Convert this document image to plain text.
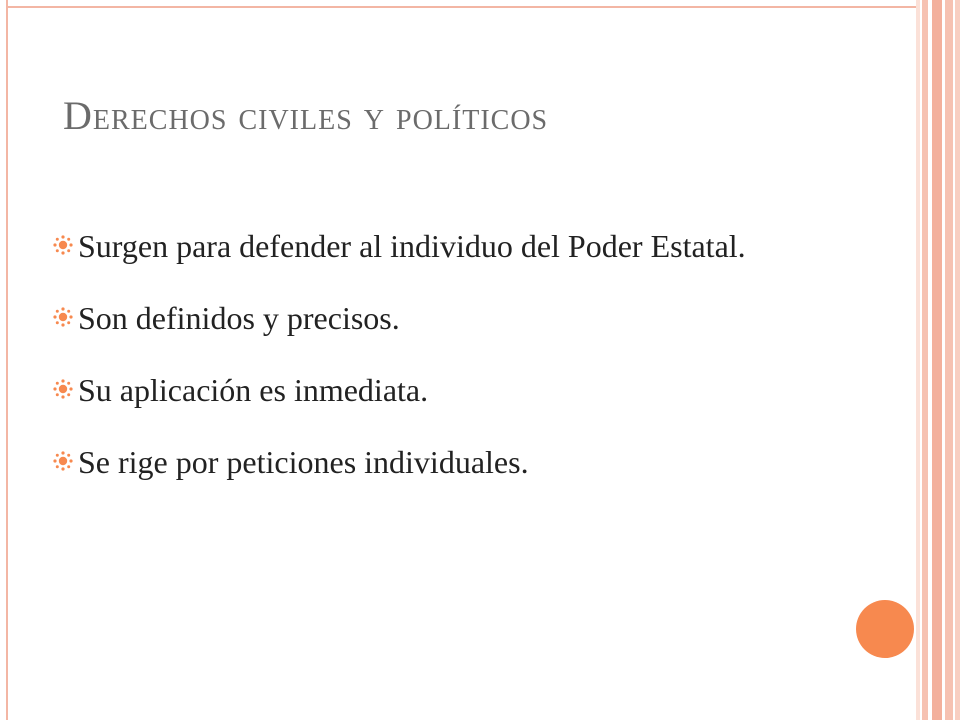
Derechos civiles y políticos
Surgen para defender al individuo del Poder Estatal.
Son definidos y precisos.
Su aplicación es inmediata.
Se rige por peticiones individuales.
